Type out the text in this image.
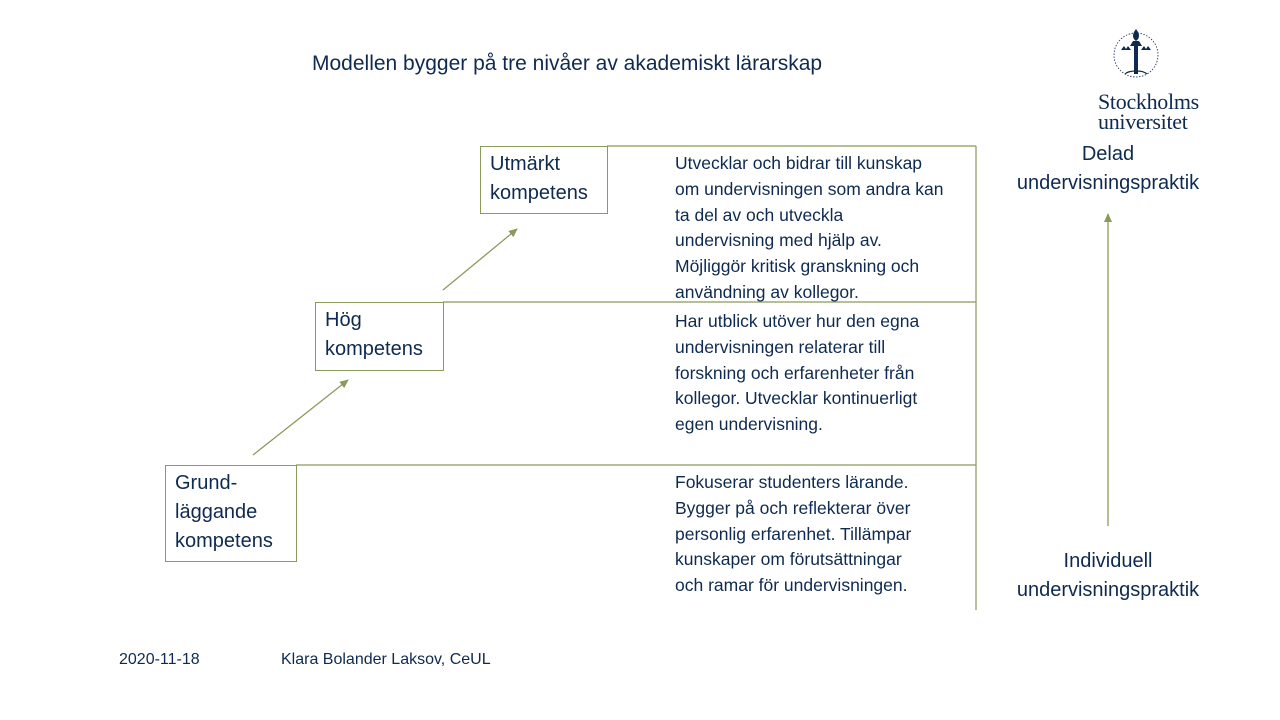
Modellen bygger på tre nivåer av akademiskt lärarskap
Utmärkt
kompetens
Hög
kompetens
Grund-
läggande
kompetens
Utvecklar och bidrar till kunskap
om undervisningen som andra kan
ta del av och utveckla
undervisning med hjälp av.
Möjliggör kritisk granskning och
användning av kollegor.
Har utblick utöver hur den egna
undervisningen relaterar till
forskning och erfarenheter från
kollegor. Utvecklar kontinuerligt
egen undervisning.
Fokuserar studenters lärande.
Bygger på och reflekterar över
personlig erfarenhet. Tillämpar
kunskaper om förutsättningar
och ramar för undervisningen.
Delad
undervisningspraktik
Individuell
undervisningspraktik
Stockholms
universitet
2020-11-18	Klara Bolander Laksov, CeUL
